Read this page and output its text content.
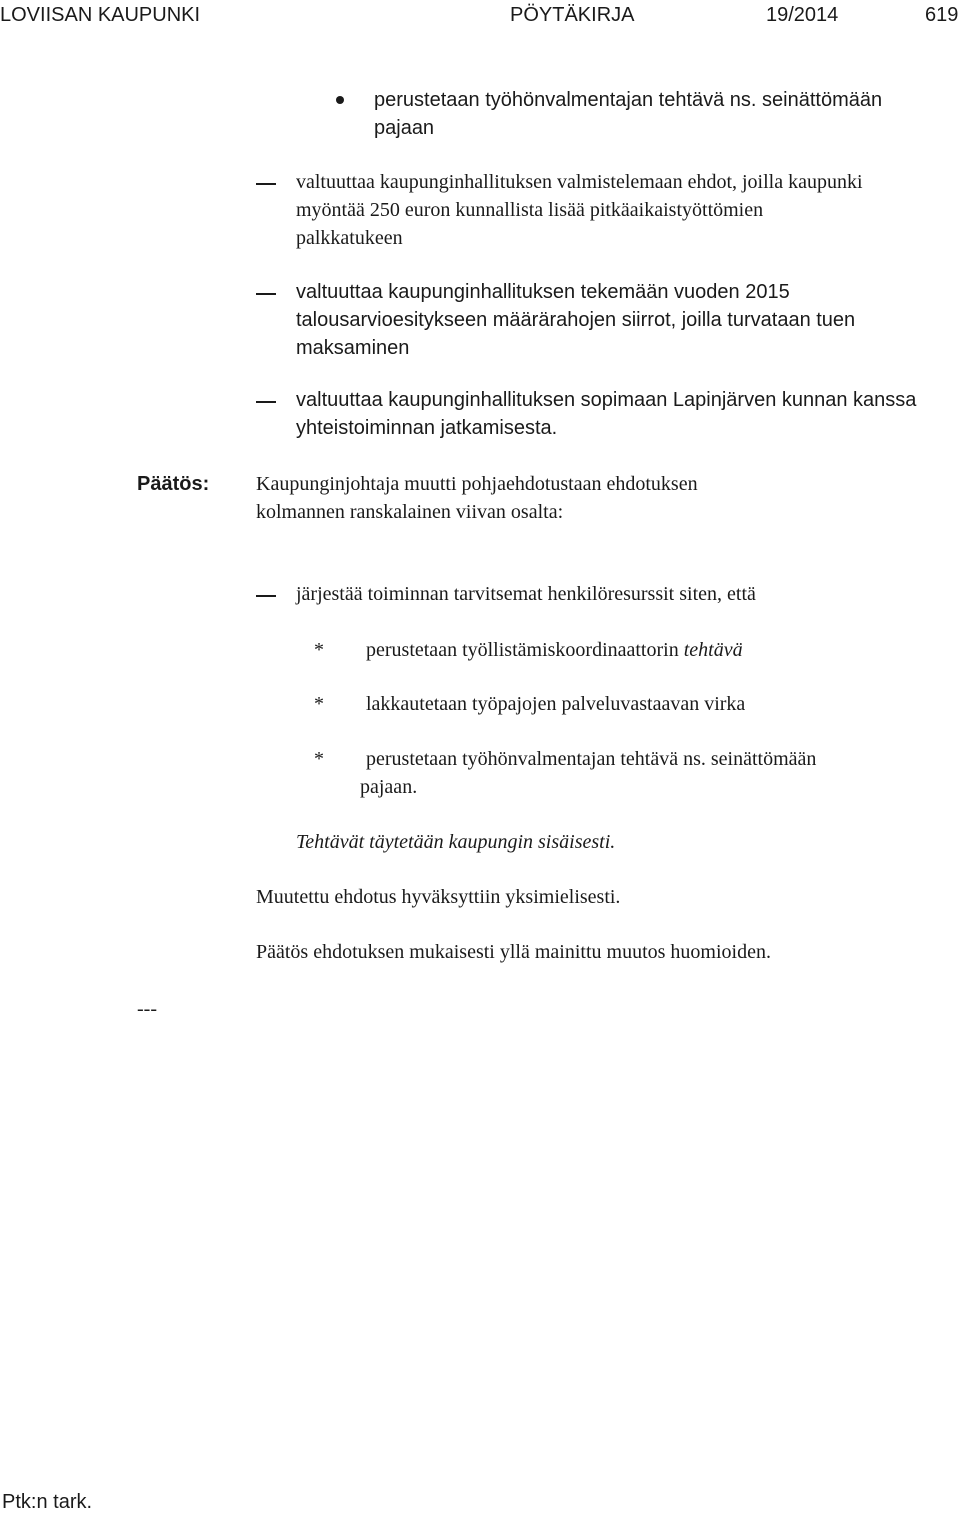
LOVIISAN KAUPUNKI	PÖYTÄKIRJA	19/2014	619
perustetaan työhönvalmentajan tehtävä ns. seinättömään
pajaan
valtuuttaa kaupunginhallituksen valmistelemaan ehdot, joilla kaupunki
myöntää 250 euron kunnallista lisää pitkäaikaistyöttömien
palkkatukeen
valtuuttaa kaupunginhallituksen tekemään vuoden 2015
talousarvioesitykseen määrärahojen siirrot, joilla turvataan tuen
maksaminen
valtuuttaa kaupunginhallituksen sopimaan Lapinjärven kunnan kanssa
yhteistoiminnan jatkamisesta.
Päätös: Kaupunginjohtaja muutti pohjaehdotustaan ehdotuksen
kolmannen ranskalainen viivan osalta:
järjestää toiminnan tarvitsemat henkilöresurssit siten, että
* perustetaan työllistämiskoordinaattorin tehtävä
* lakkautetaan työpajojen palveluvastaavan virka
* perustetaan työhönvalmentajan tehtävä ns. seinättömään
pajaan.
Tehtävät täytetään kaupungin sisäisesti.
Muutettu ehdotus hyväksyttiin yksimielisesti.
Päätös ehdotuksen mukaisesti yllä mainittu muutos huomioiden.
---
Ptk:n tark.
